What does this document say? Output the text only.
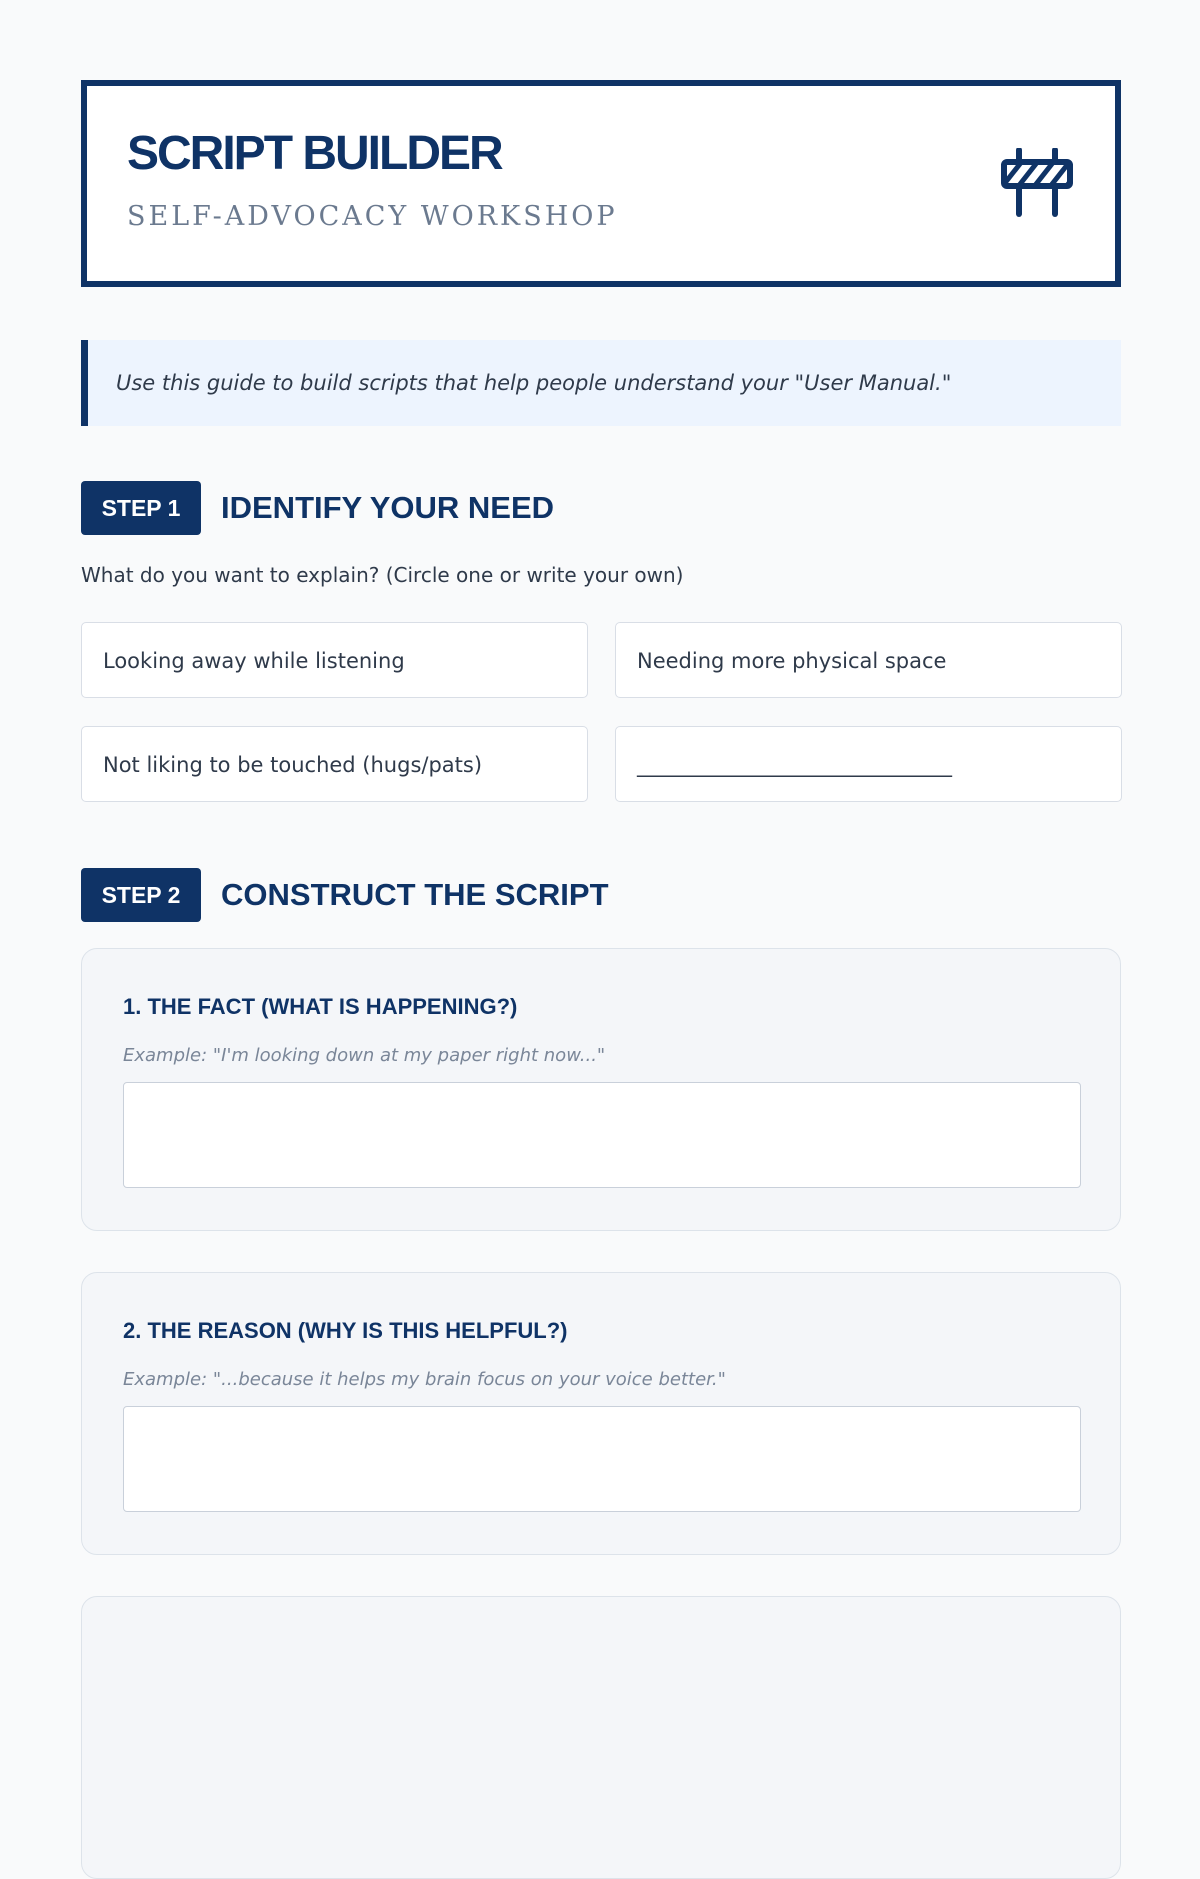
SCRIPT BUILDER
SELF-ADVOCACY WORKSHOP
Use this guide to build scripts that help people understand your "User Manual."
STEP 1	IDENTIFY YOUR NEED
What do you want to explain? (Circle one or write your own)
Looking away while listening	Needing more physical space
Not liking to be touched (hugs/pats)	______________________________
STEP 2	CONSTRUCT THE SCRIPT
1. THE FACT (WHAT IS HAPPENING?)
Example: "I'm looking down at my paper right now..."
2. THE REASON (WHY IS THIS HELPFUL?)
Example: "...because it helps my brain focus on your voice better."
